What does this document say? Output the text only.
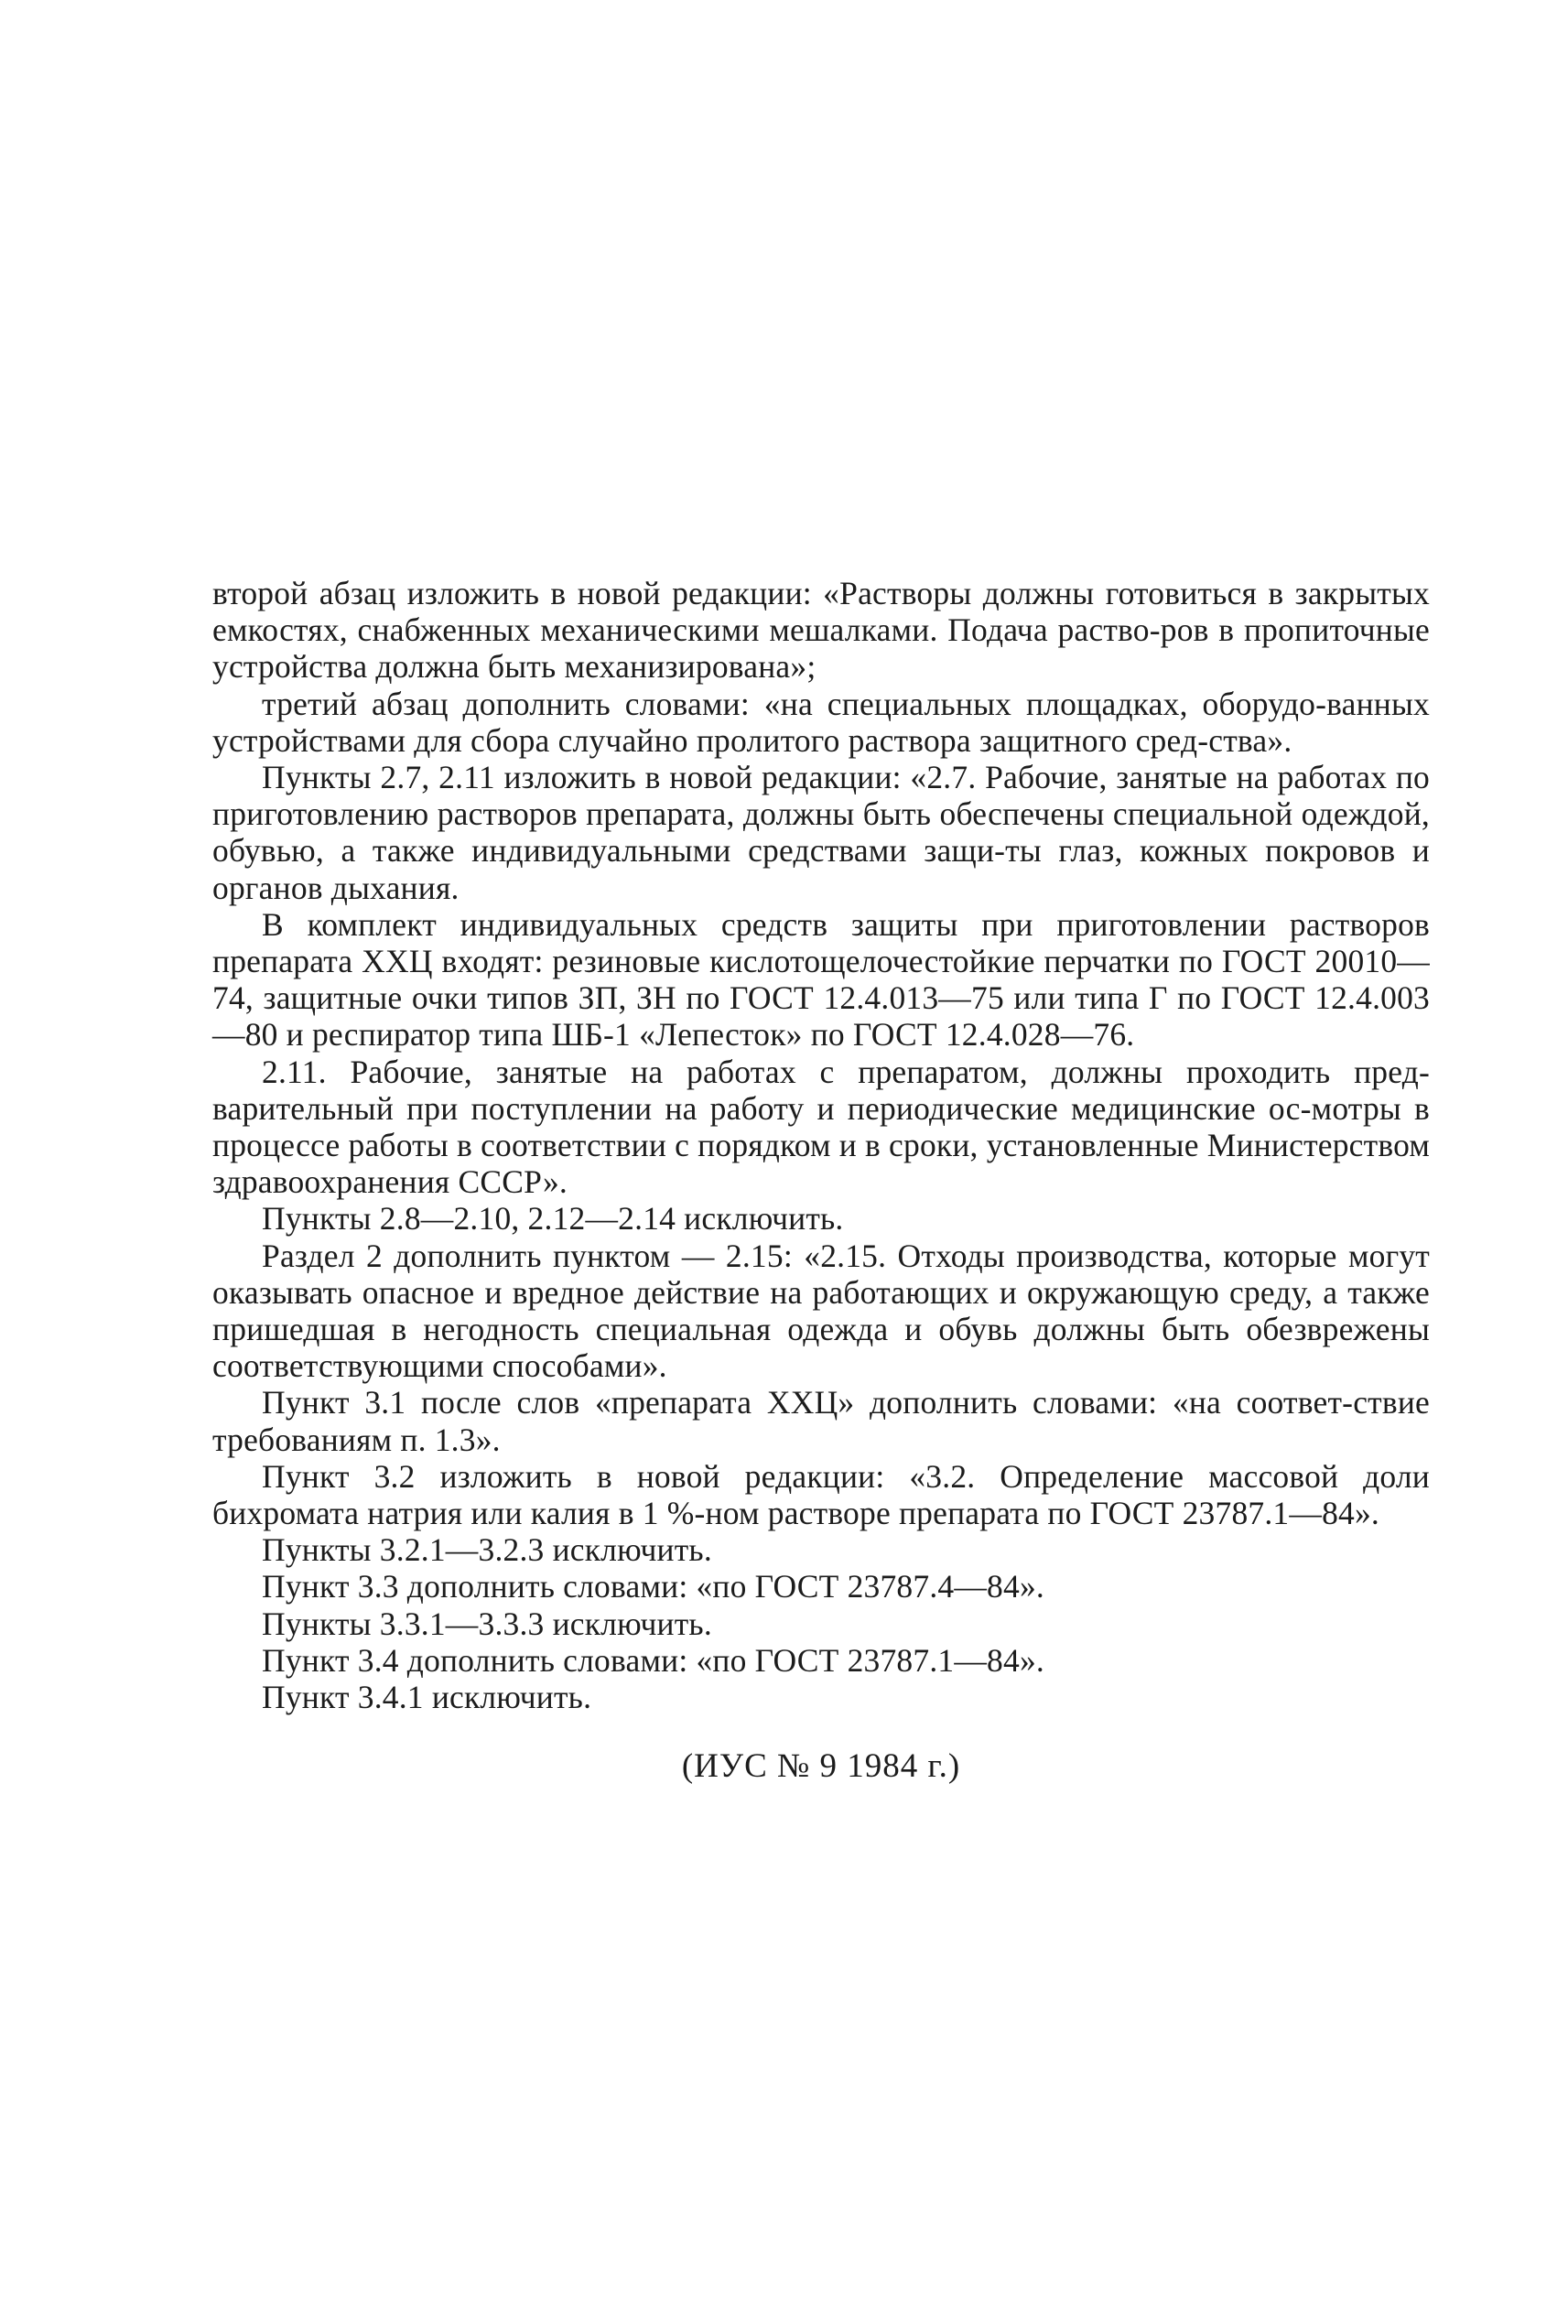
второй абзац изложить в новой редакции: «Растворы должны готовиться в закрытых емкостях, снабженных механическими мешалками. Подача раство-ров в пропиточные устройства должна быть механизирована»;

третий абзац дополнить словами: «на специальных площадках, оборудо-ванных устройствами для сбора случайно пролитого раствора защитного сред-ства».

Пункты 2.7, 2.11 изложить в новой редакции: «2.7. Рабочие, занятые на работах по приготовлению растворов препарата, должны быть обеспечены специальной одеждой, обувью, а также индивидуальными средствами защи-ты глаз, кожных покровов и органов дыхания.

В комплект индивидуальных средств защиты при приготовлении растворов препарата ХХЦ входят: резиновые кислотощелочестойкие перчатки по ГОСТ 20010—74, защитные очки типов ЗП, ЗН по ГОСТ 12.4.013—75 или типа Г по ГОСТ 12.4.003—80 и респиратор типа ШБ-1 «Лепесток» по ГОСТ 12.4.028—76.

2.11. Рабочие, занятые на работах с препаратом, должны проходить пред-варительный при поступлении на работу и периодические медицинские ос-мотры в процессе работы в соответствии с порядком и в сроки, установленные Министерством здравоохранения СССР».

Пункты 2.8—2.10, 2.12—2.14 исключить.

Раздел 2 дополнить пунктом — 2.15: «2.15. Отходы производства, которые могут оказывать опасное и вредное действие на работающих и окружающую среду, а также пришедшая в негодность специальная одежда и обувь должны быть обезврежены соответствующими способами».

Пункт 3.1 после слов «препарата ХХЦ» дополнить словами: «на соответ-ствие требованиям п. 1.3».

Пункт 3.2 изложить в новой редакции: «3.2. Определение массовой доли бихромата натрия или калия в 1 %-ном растворе препарата по ГОСТ 23787.1—84».

Пункты 3.2.1—3.2.3 исключить.

Пункт 3.3 дополнить словами: «по ГОСТ 23787.4—84».

Пункты 3.3.1—3.3.3 исключить.

Пункт 3.4 дополнить словами: «по ГОСТ 23787.1—84».

Пункт 3.4.1 исключить.

(ИУС № 9 1984 г.)
